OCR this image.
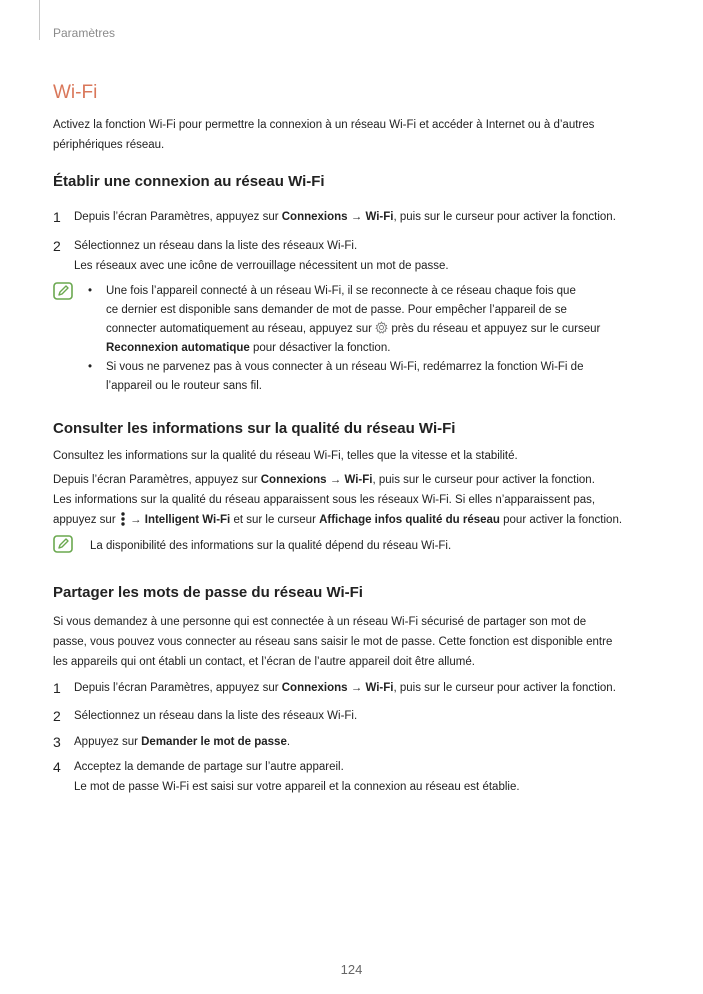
Paramètres
Wi-Fi
Activez la fonction Wi-Fi pour permettre la connexion à un réseau Wi-Fi et accéder à Internet ou à d’autres
périphériques réseau.
Établir une connexion au réseau Wi-Fi
1 Depuis l’écran Paramètres, appuyez sur Connexions → Wi-Fi, puis sur le curseur pour activer la fonction.
2 Sélectionnez un réseau dans la liste des réseaux Wi-Fi.
Les réseaux avec une icône de verrouillage nécessitent un mot de passe.
• Une fois l’appareil connecté à un réseau Wi-Fi, il se reconnecte à ce réseau chaque fois que
ce dernier est disponible sans demander de mot de passe. Pour empêcher l’appareil de se
connecter automatiquement au réseau, appuyez sur  près du réseau et appuyez sur le curseur
Reconnexion automatique pour désactiver la fonction.
• Si vous ne parvenez pas à vous connecter à un réseau Wi-Fi, redémarrez la fonction Wi-Fi de
l’appareil ou le routeur sans fil.
Consulter les informations sur la qualité du réseau Wi-Fi
Consultez les informations sur la qualité du réseau Wi-Fi, telles que la vitesse et la stabilité.
Depuis l’écran Paramètres, appuyez sur Connexions → Wi-Fi, puis sur le curseur pour activer la fonction.
Les informations sur la qualité du réseau apparaissent sous les réseaux Wi-Fi. Si elles n’apparaissent pas,
appuyez sur  → Intelligent Wi-Fi et sur le curseur Affichage infos qualité du réseau pour activer la fonction.
La disponibilité des informations sur la qualité dépend du réseau Wi-Fi.
Partager les mots de passe du réseau Wi-Fi
Si vous demandez à une personne qui est connectée à un réseau Wi-Fi sécurisé de partager son mot de
passe, vous pouvez vous connecter au réseau sans saisir le mot de passe. Cette fonction est disponible entre
les appareils qui ont établi un contact, et l’écran de l’autre appareil doit être allumé.
1 Depuis l’écran Paramètres, appuyez sur Connexions → Wi-Fi, puis sur le curseur pour activer la fonction.
2 Sélectionnez un réseau dans la liste des réseaux Wi-Fi.
3 Appuyez sur Demander le mot de passe.
4 Acceptez la demande de partage sur l’autre appareil.
Le mot de passe Wi-Fi est saisi sur votre appareil et la connexion au réseau est établie.
124
